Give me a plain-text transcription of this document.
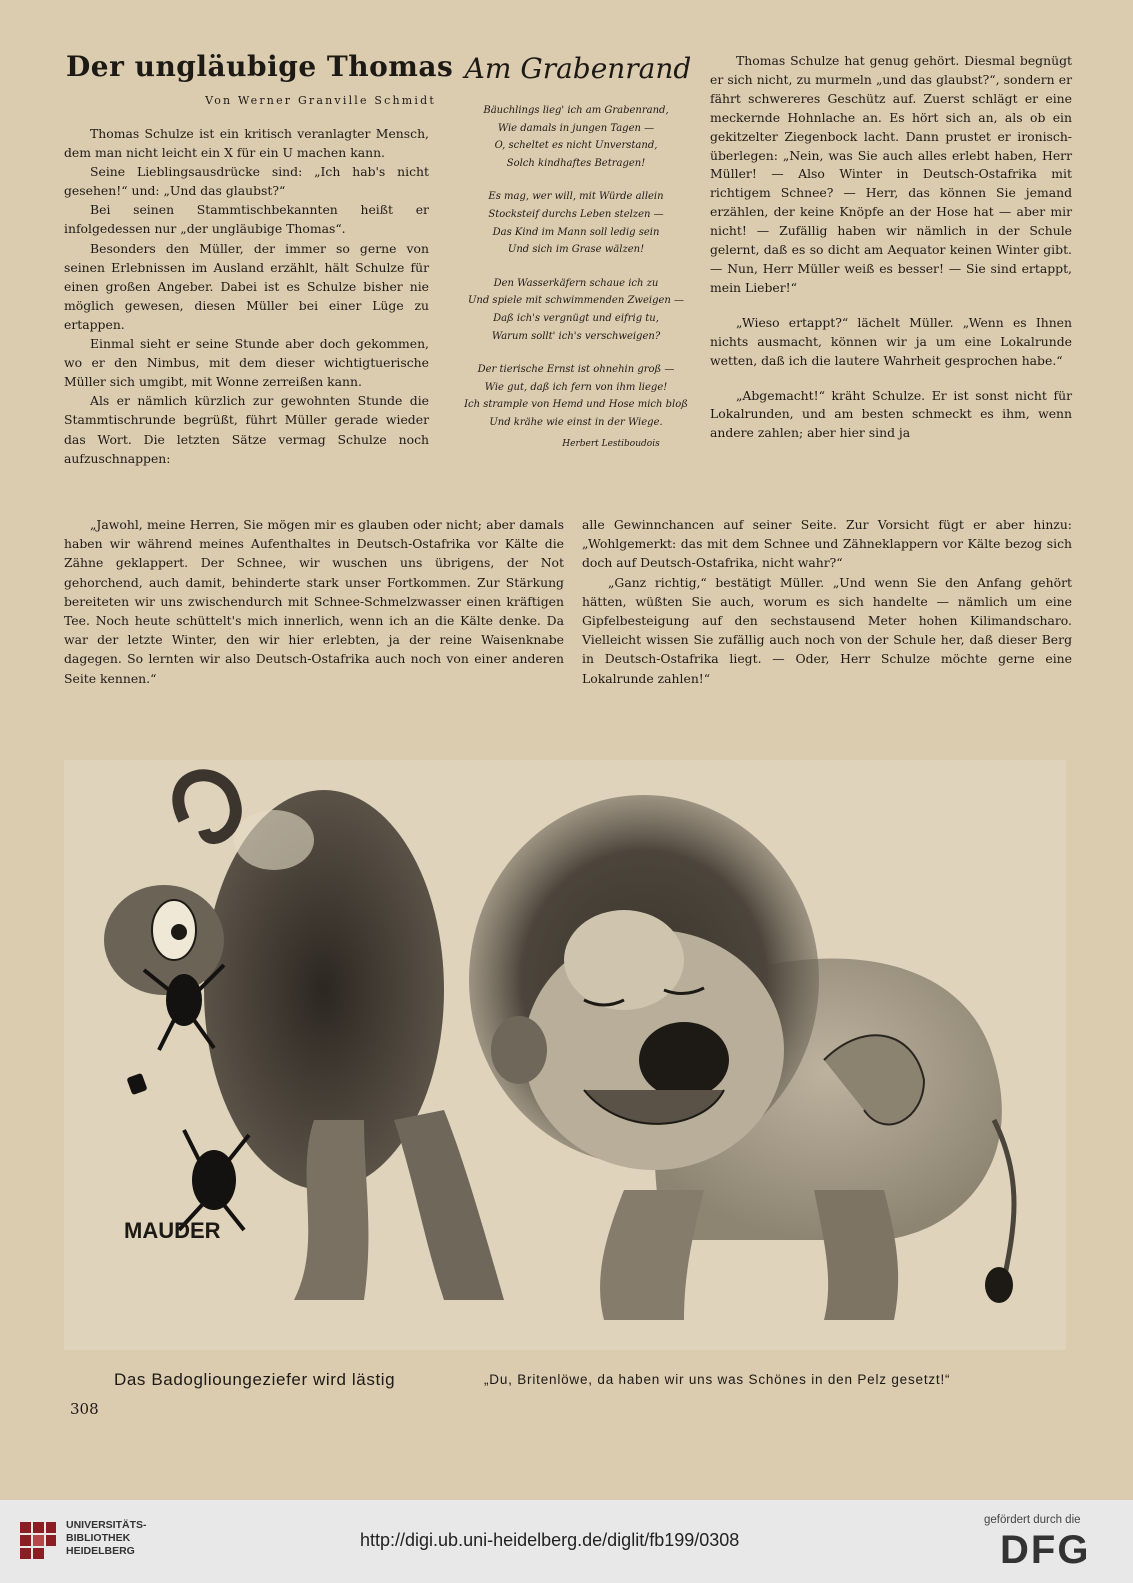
Der ungläubige Thomas
Von Werner Granville Schmidt

Thomas Schulze ist ein kritisch veranlagter Mensch, dem man nicht leicht ein X für ein U machen kann.

Seine Lieblingsausdrücke sind: „Ich hab's nicht gesehen!“ und: „Und das glaubst?“

Bei seinen Stammtischbekannten heißt er infolgedessen nur „der ungläubige Thomas“.

Besonders den Müller, der immer so gerne von seinen Erlebnissen im Ausland erzählt, hält Schulze für einen großen Angeber. Dabei ist es Schulze bisher nie möglich gewesen, diesen Müller bei einer Lüge zu ertappen.

Einmal sieht er seine Stunde aber doch gekommen, wo er den Nimbus, mit dem dieser wichtigtuerische Müller sich umgibt, mit Wonne zerreißen kann.

Als er nämlich kürzlich zur gewohnten Stunde die Stammtischrunde begrüßt, führt Müller gerade wieder das Wort. Die letzten Sätze vermag Schulze noch aufzuschnappen:

Am Grabenrand
Bäuchlings lieg' ich am Grabenrand,
Wie damals in jungen Tagen —
O, scheltet es nicht Unverstand,
Solch kindhaftes Betragen!
Es mag, wer will, mit Würde allein
Stocksteif durchs Leben stelzen —
Das Kind im Mann soll ledig sein
Und sich im Grase wälzen!
Den Wasserkäfern schaue ich zu
Und spiele mit schwimmenden Zweigen —
Daß ich's vergnügt und eifrig tu,
Warum sollt' ich's verschweigen?
Der tierische Ernst ist ohnehin groß —
Wie gut, daß ich fern von ihm liege!
Ich strample von Hemd und Hose mich bloß
Und krähe wie einst in der Wiege.
Herbert Lestiboudois

Thomas Schulze hat genug gehört. Diesmal begnügt er sich nicht, zu murmeln „und das glaubst?“, sondern er fährt schwereres Geschütz auf. Zuerst schlägt er eine meckernde Hohnlache an. Es hört sich an, als ob ein gekitzelter Ziegenbock lacht. Dann prustet er ironisch-überlegen: „Nein, was Sie auch alles erlebt haben, Herr Müller! — Also Winter in Deutsch-Ostafrika mit richtigem Schnee? — Herr, das können Sie jemand erzählen, der keine Knöpfe an der Hose hat — aber mir nicht! — Zufällig haben wir nämlich in der Schule gelernt, daß es so dicht am Aequator keinen Winter gibt. — Nun, Herr Müller weiß es besser! — Sie sind ertappt, mein Lieber!“

„Wieso ertappt?“ lächelt Müller. „Wenn es Ihnen nichts ausmacht, können wir ja um eine Lokalrunde wetten, daß ich die lautere Wahrheit gesprochen habe.“

„Abgemacht!“ kräht Schulze. Er ist sonst nicht für Lokalrunden, und am besten schmeckt es ihm, wenn andere zahlen; aber hier sind ja

„Jawohl, meine Herren, Sie mögen mir es glauben oder nicht; aber damals haben wir während meines Aufenthaltes in Deutsch-Ostafrika vor Kälte die Zähne geklappert. Der Schnee, wir wuschen uns übrigens, der Not gehorchend, auch damit, behinderte stark unser Fortkommen. Zur Stärkung bereiteten wir uns zwischendurch mit Schnee-Schmelzwasser einen kräftigen Tee. Noch heute schüttelt's mich innerlich, wenn ich an die Kälte denke. Da war der letzte Winter, den wir hier erlebten, ja der reine Waisenknabe dagegen. So lernten wir also Deutsch-Ostafrika auch noch von einer anderen Seite kennen.“

alle Gewinnchancen auf seiner Seite. Zur Vorsicht fügt er aber hinzu: „Wohlgemerkt: das mit dem Schnee und Zähneklappern vor Kälte bezog sich doch auf Deutsch-Ostafrika, nicht wahr?“

„Ganz richtig,“ bestätigt Müller. „Und wenn Sie den Anfang gehört hätten, wüßten Sie auch, worum es sich handelte — nämlich um eine Gipfelbesteigung auf den sechstausend Meter hohen Kilimandscharo. Vielleicht wissen Sie zufällig auch noch von der Schule her, daß dieser Berg in Deutsch-Ostafrika liegt. — Oder, Herr Schulze möchte gerne eine Lokalrunde zahlen!“

MAUDER
Das Badoglioungeziefer wird lästig	„Du, Britenlöwe, da haben wir uns was Schönes in den Pelz gesetzt!“
308
UNIVERSITÄTS-
BIBLIOTHEK
HEIDELBERG
http://digi.ub.uni-heidelberg.de/diglit/fb199/0308
gefördert durch die
DFG
